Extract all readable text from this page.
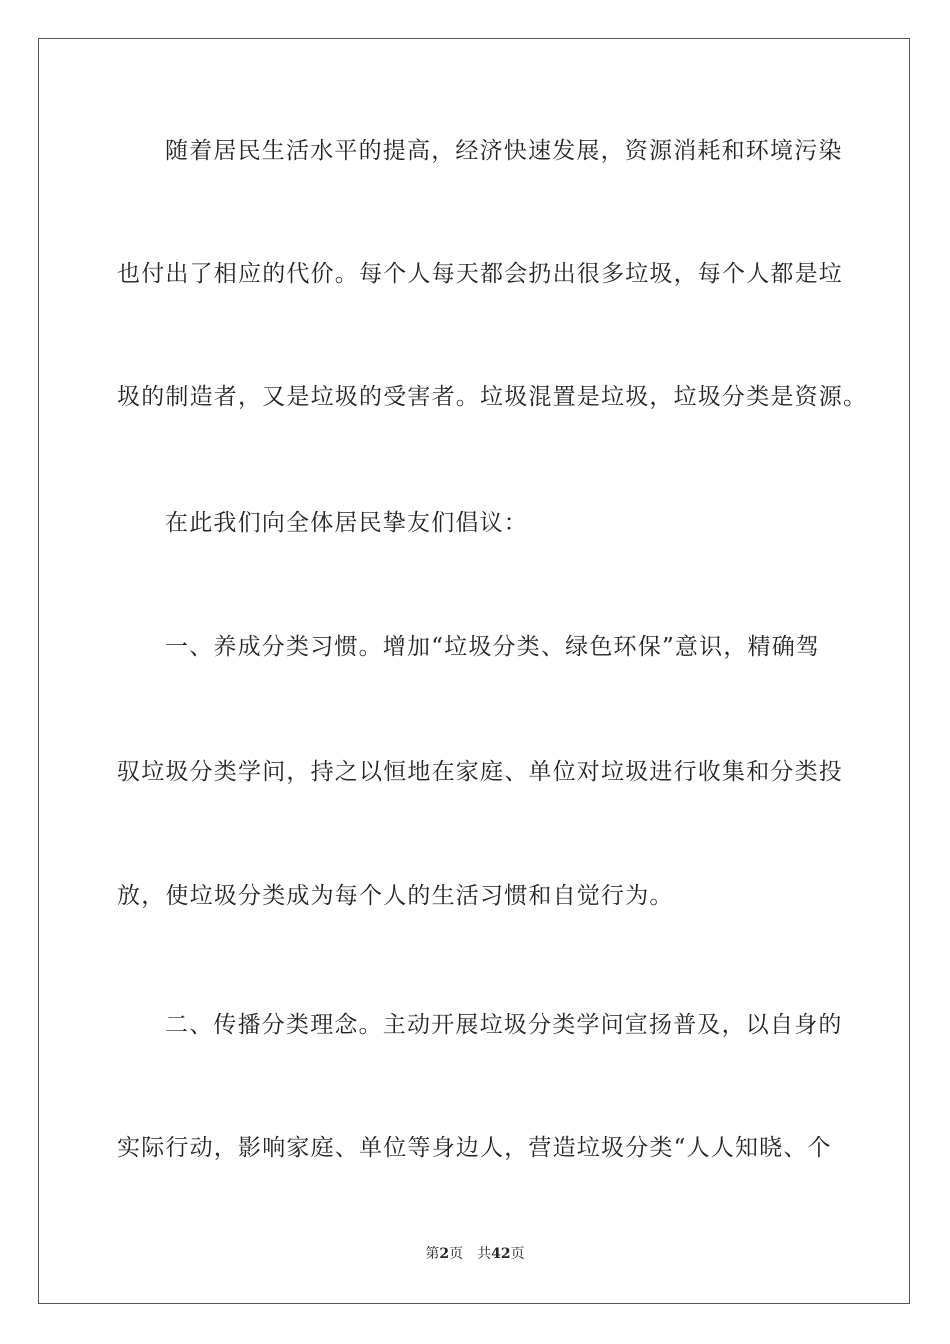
随着居民生活水平的提高，经济快速发展，资源消耗和环境污染
也付出了相应的代价。每个人每天都会扔出很多垃圾，每个人都是垃
圾的制造者，又是垃圾的受害者。垃圾混置是垃圾，垃圾分类是资源。
在此我们向全体居民挚友们倡议：
一、养成分类习惯。增加“垃圾分类、绿色环保”意识，精确驾
驭垃圾分类学问，持之以恒地在家庭、单位对垃圾进行收集和分类投
放，使垃圾分类成为每个人的生活习惯和自觉行为。
二、传播分类理念。主动开展垃圾分类学问宣扬普及，以自身的
实际行动，影响家庭、单位等身边人，营造垃圾分类“人人知晓、个
第2页 共42页
